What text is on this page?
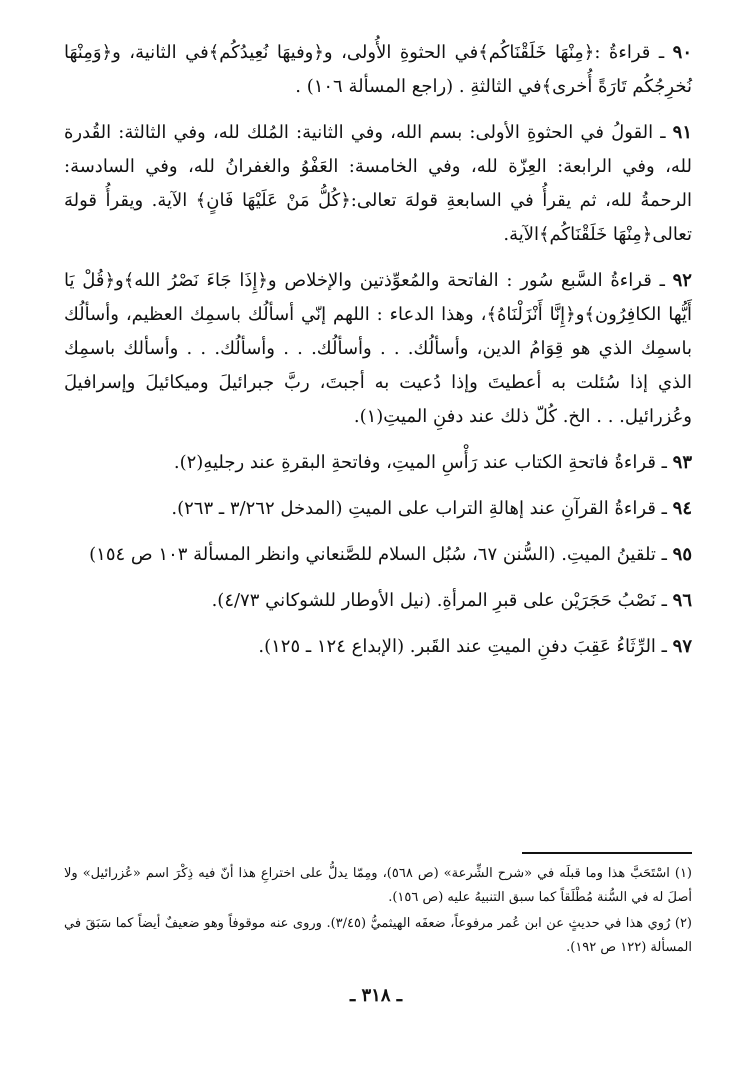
٩٠ ـ قراءةُ :﴿مِنْهَا خَلَقْنَاكُم﴾في الحثوةِ الأُولى، و﴿وفيهَا نُعِيدُكُم﴾في الثانية، و﴿وَمِنْهَا نُخرِجُكُم تَارَةً أُخرى﴾في الثالثةِ . (راجع المسألة ١٠٦) .

٩١ ـ القولُ في الحثوةِ الأولى: بسم الله، وفي الثانية: المُلك لله، وفي الثالثة: القُدرة لله، وفي الرابعة: العِزّة لله، وفي الخامسة: العَفْوُ والغفرانُ لله، وفي السادسة: الرحمةُ لله، ثم يقرأُ في السابعةِ قولهَ تعالى:﴿كُلُّ مَنْ عَلَيْهَا فَانٍ﴾ الآية. ويقرأُ قولهَ تعالى﴿مِنْهَا خَلَقْنَاكُم﴾الآية.

٩٢ ـ قراءةُ السَّبع سُور : الفاتحة والمُعوِّذتين والإخلاص و﴿إِذَا جَاءَ نَصْرُ الله﴾و﴿قُلْ يَا أَيُّها الكافِرُون﴾و﴿إِنَّا أَنْزَلْنَاهُ﴾، وهذا الدعاء : اللهم إنّي أسألُك باسمِك العظيم، وأسألُك باسمِك الذي هو قِوَامُ الدين، وأسألُك. . . وأسألُك. . . وأسألُك. . . وأسألك باسمِك الذي إذا سُئلت به أعطيتَ وإذا دُعيت به أجبتَ، ربَّ جبرائيلَ وميكائيلَ وإسرافيلَ وعُزرائيل. . . الخ. كُلّ ذلك عند دفنِ الميتِ(١).

٩٣ ـ قراءةُ فاتحةِ الكتاب عند رَأْسِ الميتِ، وفاتحةِ البقرةِ عند رجليهِ(٢).

٩٤ ـ قراءةُ القرآنِ عند إهالةِ التراب على الميتِ (المدخل ٣/٢٦٢ ـ ٢٦٣).

٩٥ ـ تلقينُ الميتِ. (السُّنن ٦٧، سُبُل السلام للصَّنعاني وانظر المسألة ١٠٣ ص ١٥٤)

٩٦ ـ نَصْبُ حَجَرَيْن على قبرِ المرأةِ. (نيل الأوطار للشوكاني ٤/٧٣).

٩٧ ـ الرِّثَاءُ عَقِبَ دفنِ الميتِ عند القَبر. (الإبداع ١٢٤ ـ ١٢٥).

(١) اسْتَحَبَّ هذا وما قبلَه في «شرح الشِّرعة» (ص ٥٦٨)، ومِمّا يدلُّ على اختراعِ هذا أنّ فيه ذِكْرَ اسم «عُزرائيل» ولا أصلَ له في السُّنة مُطْلَقاً كما سبق التنبيهُ عليه (ص ١٥٦).

(٢) رُوي هذا في حديثٍ عن ابن عُمر مرفوعاً، ضعفَه الهيثميُّ (٣/٤٥). وروى عنه موقوفاً وهو ضعيفٌ أيضاً كما سَبَقَ في المسألة (١٢٢ ص ١٩٢).

ـ ٣١٨ ـ
